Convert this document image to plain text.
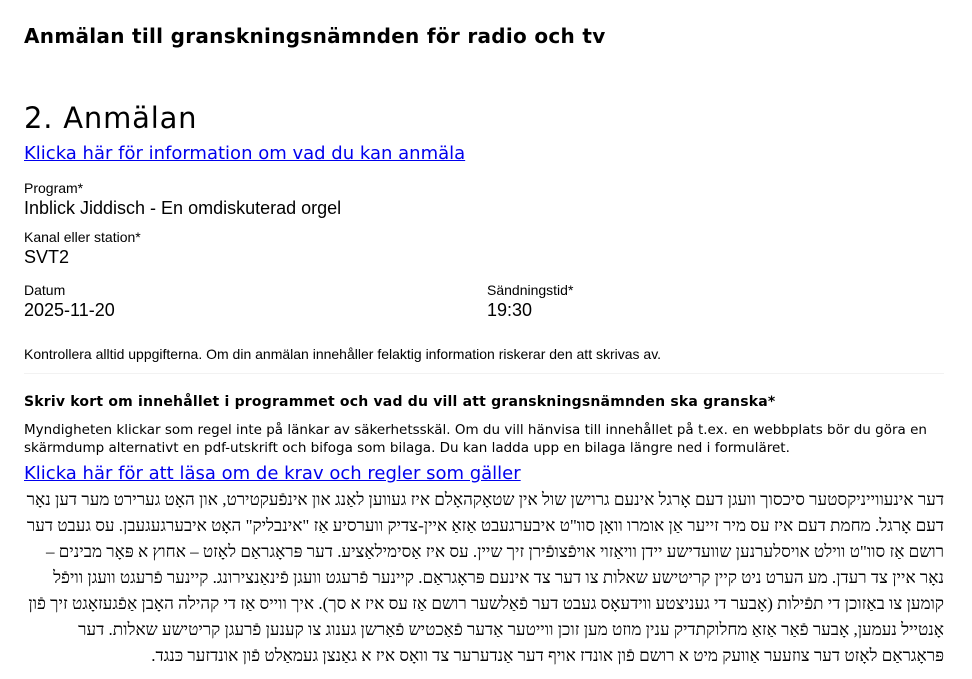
Anmälan till granskningsnämnden för radio och tv
2. Anmälan
Klicka här för information om vad du kan anmäla
Program*
Inblick Jiddisch - En omdiskuterad orgel
Kanal eller station*
SVT2
Datum
2025-11-20
Sändningstid*
19:30

Kontrollera alltid uppgifterna. Om din anmälan innehåller felaktig information riskerar den att skrivas av.

Skriv kort om innehållet i programmet och vad du vill att granskningsnämnden ska granska*

Myndigheten klickar som regel inte på länkar av säkerhetsskäl. Om du vill hänvisa till innehållet på t.ex. en webbplats bör du göra en skärmdump alternativt en pdf-utskrift och bifoga som bilaga. Du kan ladda upp en bilaga längre ned i formuläret.

Klicka här för att läsa om de krav och regler som gäller

דער אינעווייניקסטער סיכסוך וועגן דעם אָרגל אינעם גרוישן שול אין שטאָקהאָלם איז געווען לאַנג און אינפֿעקטירט, און האָט גערירט מער דען נאָר דעם אָרגל. מחמת דעם איז עס מיר זייער אַן אומרו וואָן סוו"ט איבערגעבט אַזאַ איין-צדיק ווערסיע אַז "אינבליק" האָט איבערגעגעבן. עס געבט דער רושם אַז סוו"ט ווילט אויסלערנען שוועדישע יידן וויאַזוי אויפֿצופֿירן זיך שיין. עס איז אַסימילאַציע. דער פּראָגראַם לאָזט – אחוץ א פּאָר מבינים – נאָר איין צד רעדן. מע הערט ניט קיין קריטישע שאלות צו דער צד אינעם פּראָגראַם. קיינער פֿרעגט וועגן פֿינאַנצירונג. קיינער פֿרעגט וועגן וויפֿל קומען צו באַזוכן די תפֿילות (אָבער די געניצטע ווידעאָס געבט דער פֿאַלשער רושם אַז עס איז א סך). איך ווייס אַז די קהילה האָבן אַפֿגעזאָגט זיך פֿון אָנטייל נעמען, אָבער פֿאַר אַזאַ מחלוקתדיק ענין מוזט מען זוכן ווייטער אַדער פֿאַכטיש פֿאַרשן גענוג צו קענען פֿרעגן קריטישע שאלות. דער פּראָגראַם לאָזט דער צוזעער אַוועק מיט א רושם פֿון אונדז אויף דער אַנדערער צד וואָס איז א גאַנצן געמאַלט פֿון אונדזער כּנגד.
